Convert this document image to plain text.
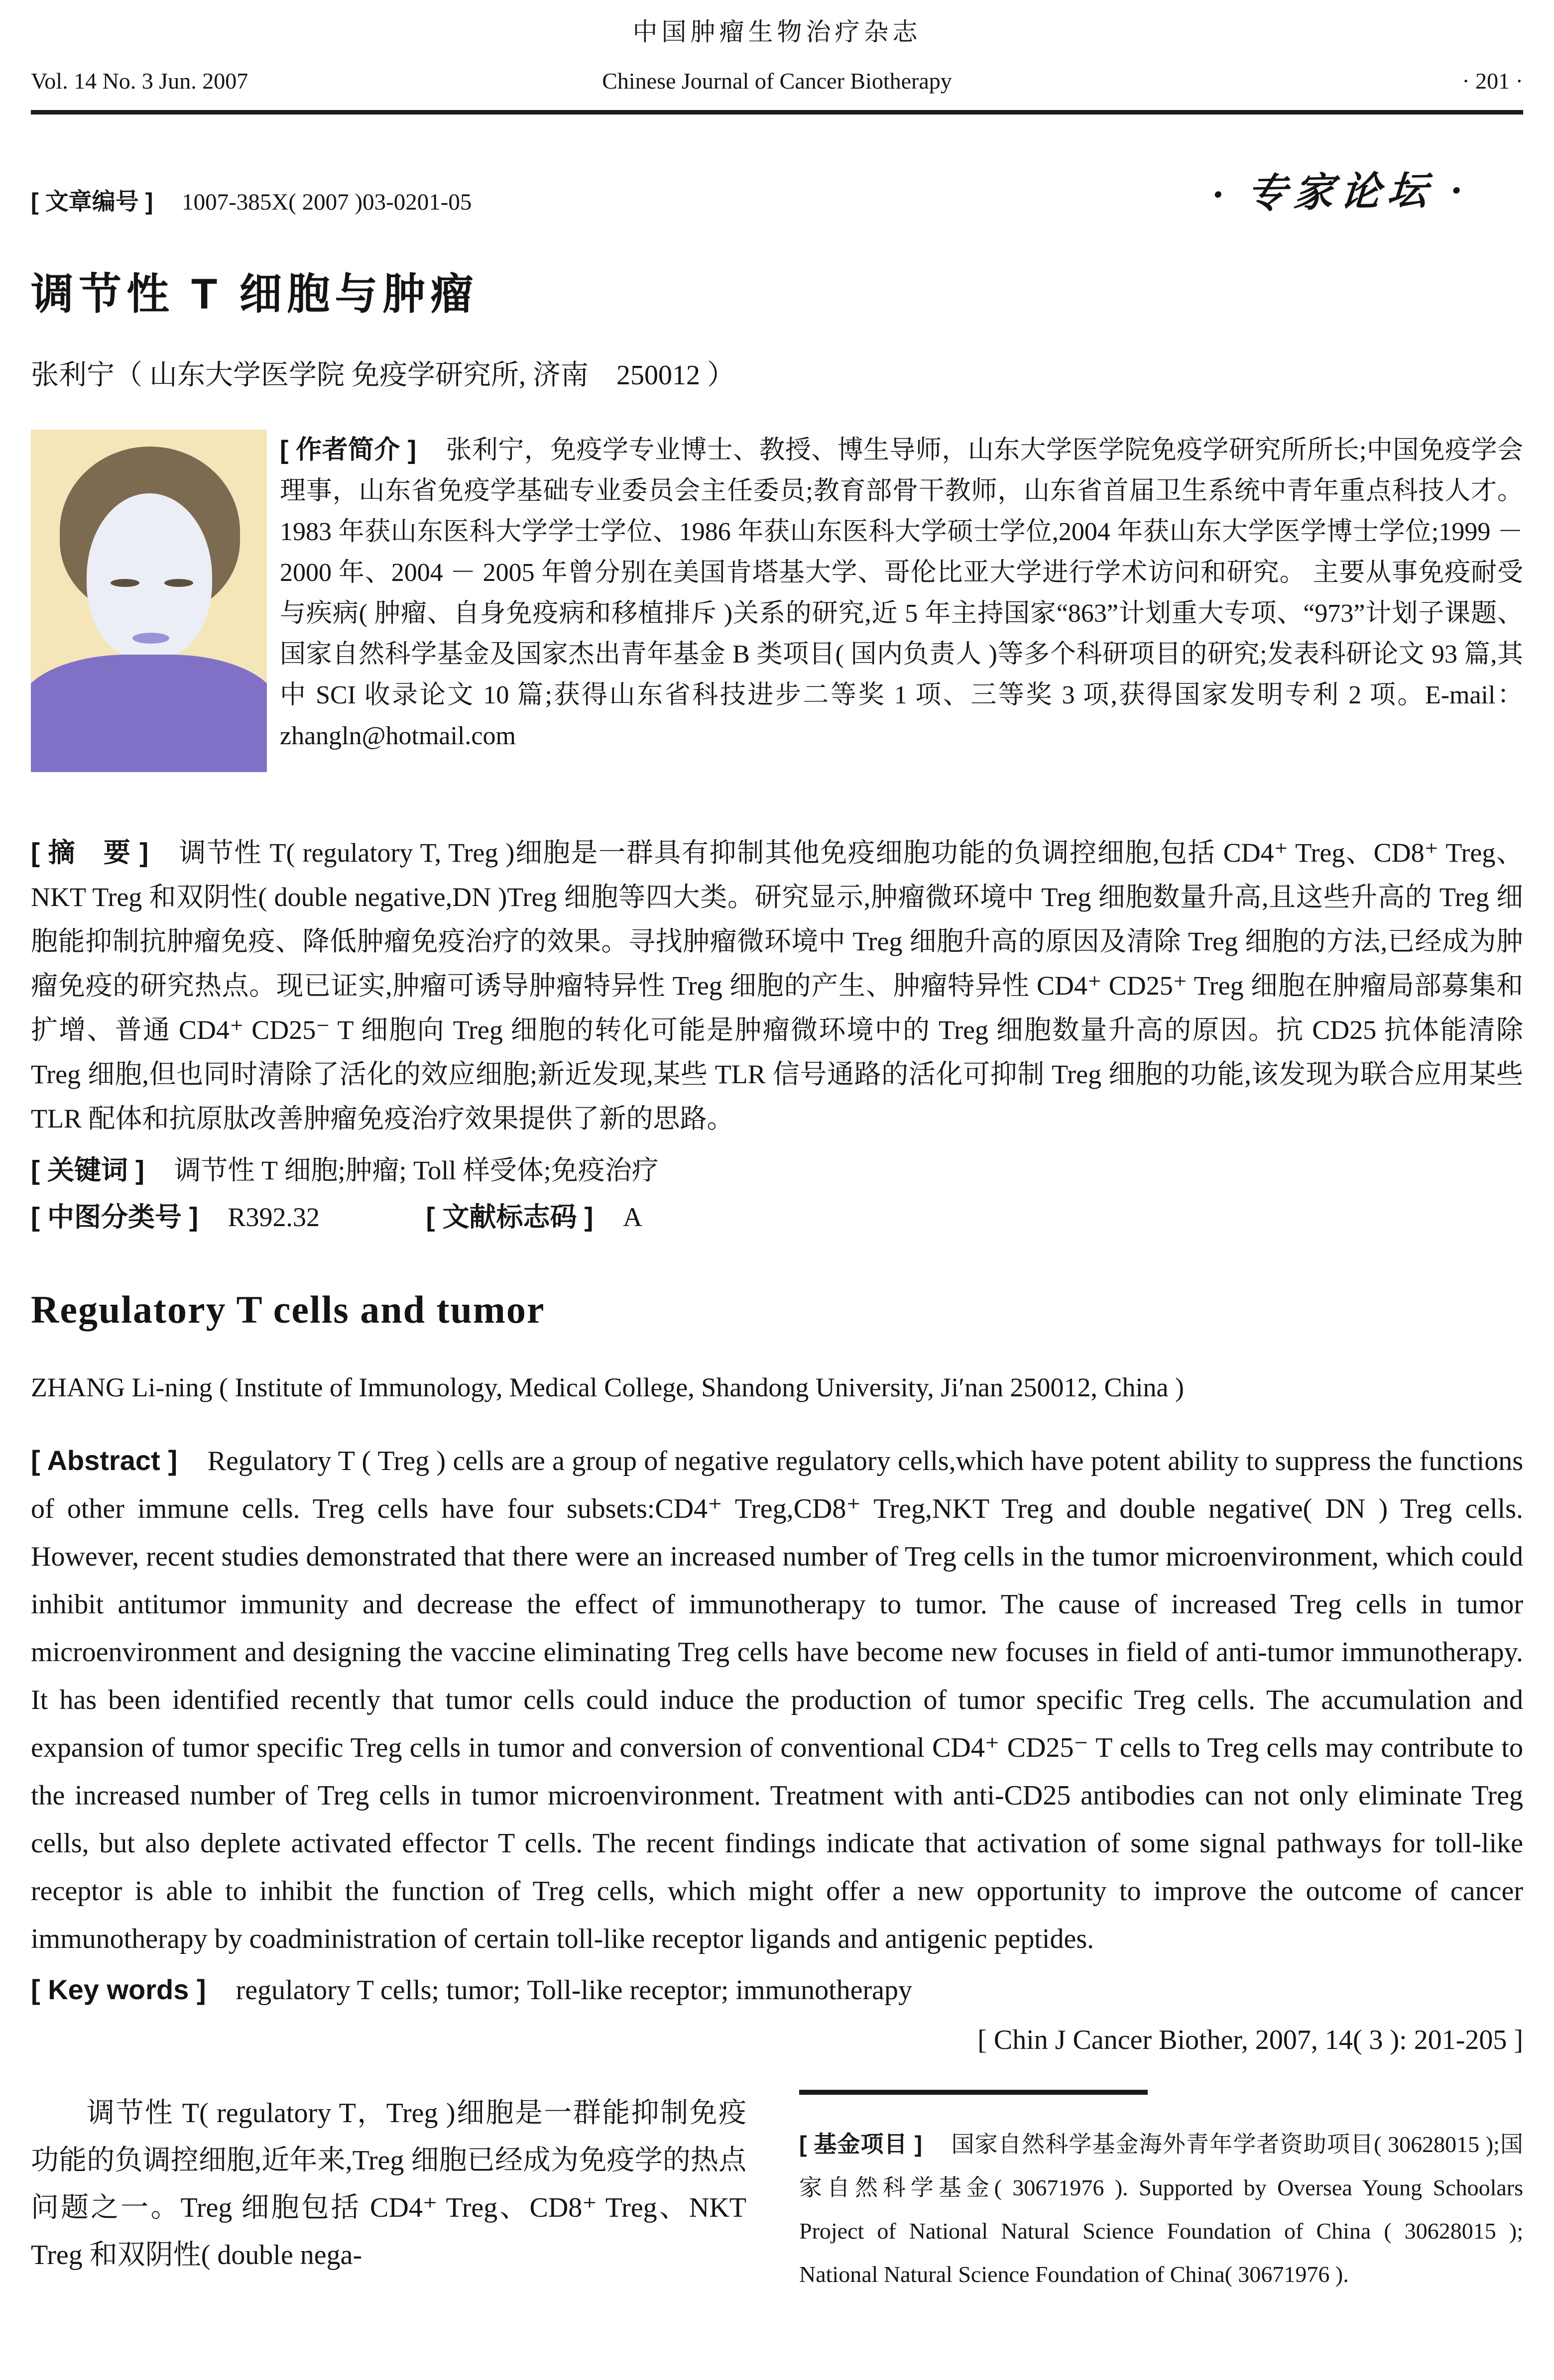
中国肿瘤生物治疗杂志
Vol. 14 No. 3 Jun. 2007	Chinese Journal of Cancer Biotherapy	· 201 ·
[ 文章编号 ] 1007-385X( 2007 )03-0201-05	· 专家论坛 ·
调节性 T 细胞与肿瘤
张利宁（ 山东大学医学院 免疫学研究所, 济南　250012 ）
[ 作者简介 ] 张利宁，免疫学专业博士、教授、博生导师，山东大学医学院免疫学研究所所长;中国免疫学会理事，山东省免疫学基础专业委员会主任委员;教育部骨干教师，山东省首届卫生系统中青年重点科技人才。1983 年获山东医科大学学士学位、1986 年获山东医科大学硕士学位,2004 年获山东大学医学博士学位;1999 － 2000 年、2004 － 2005 年曾分别在美国肯塔基大学、哥伦比亚大学进行学术访问和研究。 主要从事免疫耐受与疾病( 肿瘤、自身免疫病和移植排斥 )关系的研究,近 5 年主持国家“863”计划重大专项、“973”计划子课题、国家自然科学基金及国家杰出青年基金 B 类项目( 国内负责人 )等多个科研项目的研究;发表科研论文 93 篇,其中 SCI 收录论文 10 篇;获得山东省科技进步二等奖 1 项、三等奖 3 项,获得国家发明专利 2 项。E-mail：zhangln@hotmail.com
[ 摘　要 ] 调节性 T( regulatory T, Treg )细胞是一群具有抑制其他免疫细胞功能的负调控细胞,包括 CD4⁺ Treg、CD8⁺ Treg、NKT Treg 和双阴性( double negative,DN )Treg 细胞等四大类。研究显示,肿瘤微环境中 Treg 细胞数量升高,且这些升高的 Treg 细胞能抑制抗肿瘤免疫、降低肿瘤免疫治疗的效果。寻找肿瘤微环境中 Treg 细胞升高的原因及清除 Treg 细胞的方法,已经成为肿瘤免疫的研究热点。现已证实,肿瘤可诱导肿瘤特异性 Treg 细胞的产生、肿瘤特异性 CD4⁺ CD25⁺ Treg 细胞在肿瘤局部募集和扩增、普通 CD4⁺ CD25⁻ T 细胞向 Treg 细胞的转化可能是肿瘤微环境中的 Treg 细胞数量升高的原因。抗 CD25 抗体能清除 Treg 细胞,但也同时清除了活化的效应细胞;新近发现,某些 TLR 信号通路的活化可抑制 Treg 细胞的功能,该发现为联合应用某些 TLR 配体和抗原肽改善肿瘤免疫治疗效果提供了新的思路。
[ 关键词 ] 调节性 T 细胞;肿瘤; Toll 样受体;免疫治疗
[ 中图分类号 ] R392.32	[ 文献标志码 ] A
Regulatory T cells and tumor
ZHANG Li-ning ( Institute of Immunology, Medical College, Shandong University, Ji′nan 250012, China )
[ Abstract ] Regulatory T ( Treg ) cells are a group of negative regulatory cells,which have potent ability to suppress the functions of other immune cells. Treg cells have four subsets:CD4⁺ Treg,CD8⁺ Treg,NKT Treg and double negative( DN ) Treg cells. However, recent studies demonstrated that there were an increased number of Treg cells in the tumor microenvironment, which could inhibit antitumor immunity and decrease the effect of immunotherapy to tumor. The cause of increased Treg cells in tumor microenvironment and designing the vaccine eliminating Treg cells have become new focuses in field of anti-tumor immunotherapy. It has been identified recently that tumor cells could induce the production of tumor specific Treg cells. The accumulation and expansion of tumor specific Treg cells in tumor and conversion of conventional CD4⁺ CD25⁻ T cells to Treg cells may contribute to the increased number of Treg cells in tumor microenvironment. Treatment with anti-CD25 antibodies can not only eliminate Treg cells, but also deplete activated effector T cells. The recent findings indicate that activation of some signal pathways for toll-like receptor is able to inhibit the function of Treg cells, which might offer a new opportunity to improve the outcome of cancer immunotherapy by coadministration of certain toll-like receptor ligands and antigenic peptides.
[ Key words ] regulatory T cells; tumor; Toll-like receptor; immunotherapy
[ Chin J Cancer Biother, 2007, 14( 3 ): 201-205 ]
调节性 T( regulatory T，Treg )细胞是一群能抑制免疫功能的负调控细胞,近年来,Treg 细胞已经成为免疫学的热点问题之一。Treg 细胞包括 CD4⁺ Treg、CD8⁺ Treg、NKT Treg 和双阴性( double nega-
[ 基金项目 ] 国家自然科学基金海外青年学者资助项目( 30628015 );国家自然科学基金( 30671976 ). Supported by Oversea Young Schoolars Project of National Natural Science Foundation of China ( 30628015 ); National Natural Science Foundation of China( 30671976 ).
